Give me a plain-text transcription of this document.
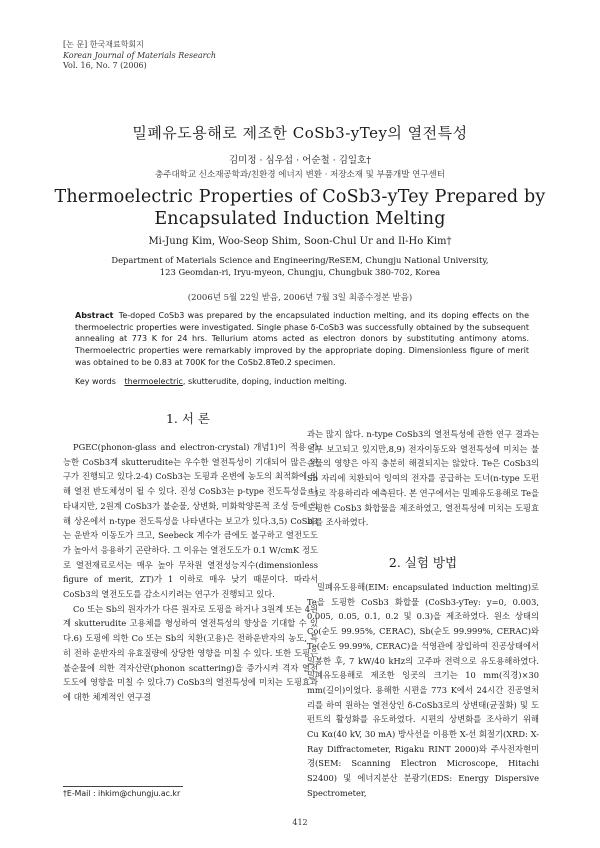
[논 문] 한국재료학회지
Korean Journal of Materials Research
Vol. 16, No. 7 (2006)
밀폐유도용해로 제조한 CoSb3-yTey의 열전특성
김미정 · 심우섭 · 어순철 · 김일호†
충주대학교 신소재공학과/친환경 에너지 변환 · 저장소재 및 부품개발 연구센터
Thermoelectric Properties of CoSb3-yTey Prepared by
Encapsulated Induction Melting
Mi-Jung Kim, Woo-Seop Shim, Soon-Chul Ur and Il-Ho Kim†
Department of Materials Science and Engineering/ReSEM, Chungju National University,
123 Geomdan-ri, Iryu-myeon, Chungju, Chungbuk 380-702, Korea
(2006년 5월 22일 받음, 2006년 7월 3일 최종수정본 받음)
Abstract Te-doped CoSb3 was prepared by the encapsulated induction melting, and its doping effects on the thermoelectric properties were investigated. Single phase δ-CoSb3 was successfully obtained by the subsequent annealing at 773 K for 24 hrs. Tellurium atoms acted as electron donors by substituting antimony atoms. Thermoelectric properties were remarkably improved by the appropriate doping. Dimensionless figure of merit was obtained to be 0.83 at 700K for the CoSb2.8Te0.2 specimen.
Key words thermoelectric, skutterudite, doping, induction melting.
1. 서 론

PGEC(phonon-glass and electron-crystal) 개념1)이 적용 가능한 CoSb3계 skutterudite는 우수한 열전특성이 기대되어 많은 연구가 진행되고 있다.2-4) CoSb3는 도핑과 온변에 농도의 최적화에 의해 열전 반도체성이 될 수 있다. 진성 CoSb3는 p-type 전도특성을 나타내지만, 2원계 CoSb3가 불순물, 상변화, 미화학양론적 조성 등에 의해 상온에서 n-type 전도특성을 나타낸다는 보고가 있다.3,5) CoSb3는 운반자 이동도가 크고, Seebeck 계수가 큼에도 불구하고 열전도도가 높아서 응용하기 곤란하다. 그 이유는 열전도도가 0.1 W/cmK 정도로 열전재료로서는 매우 높아 무차원 열전성능지수(dimensionless figure of merit, ZT)가 1 이하로 매우 낮기 때문이다. 따라서 CoSb3의 열전도도를 감소시키려는 연구가 진행되고 있다.

Co 또는 Sb의 원자가가 다른 원자로 도핑을 하거나 3원계 또는 4원계 skutterudite 고용체를 형성하여 열전특성의 향상을 기대할 수 있다.6) 도핑에 의한 Co 또는 Sb의 치환(고용)은 전하운반자의 농도, 특히 전하 운반자의 유효질량에 상당한 영향을 미칠 수 있다. 또한 도핑은 불순물에 의한 격자산란(phonon scattering)을 증가시켜 격자 열전도도에 영향을 미칠 수 있다.7) CoSb3의 열전특성에 미치는 도핑효과에 대한 체계적인 연구결

과는 많지 않다. n-type CoSb3의 열전특성에 관한 연구 결과는 일부 보고되고 있지만,8,9) 전자이동도와 열전특성에 미치는 불순물의 영향은 아직 충분히 해결되지는 않았다. Te은 CoSb3의 Sb 자리에 치환되어 잉여의 전자를 공급하는 도너(n-type 도펀트)로 작용하리라 예측된다. 본 연구에서는 밀폐유도용해로 Te을 도핑한 CoSb3 화합물을 제조하였고, 열전특성에 미치는 도핑효과를 조사하였다.

2. 실험 방법

밀폐유도용해(EIM: encapsulated induction melting)로 Te을 도핑한 CoSb3 화합물 (CoSb3-yTey: y=0, 0.003, 0.005, 0.05, 0.1, 0.2 및 0.3)을 제조하였다. 원소 상태의 Co(순도 99.95%, CERAC), Sb(순도 99.999%, CERAC)와 Te(순도 99.99%, CERAC)을 석영관에 장입하여 진공상태에서 밀봉한 후, 7 kW/40 kHz의 고주파 전력으로 유도용해하였다. 밀폐유도용해로 제조한 잉곳의 크기는 10 mm(직경)×30 mm(길이)이었다. 용해한 시편을 773 K에서 24시간 진공열처리를 하여 원하는 열전상인 δ-CoSb3로의 상변태(균질화) 및 도펀트의 활성화를 유도하였다. 시편의 상변화를 조사하기 위해 Cu Kα(40 kV, 30 mA) 방사선을 이용한 X-선 회절기(XRD: X-Ray Diffractometer, Rigaku RINT 2000)와 주사전자현미경(SEM: Scanning Electron Microscope, Hitachi S2400) 및 에너지분산 분광기(EDS: Energy Dispersive Spectrometer,

†E-Mail : ihkim@chungju.ac.kr
412
